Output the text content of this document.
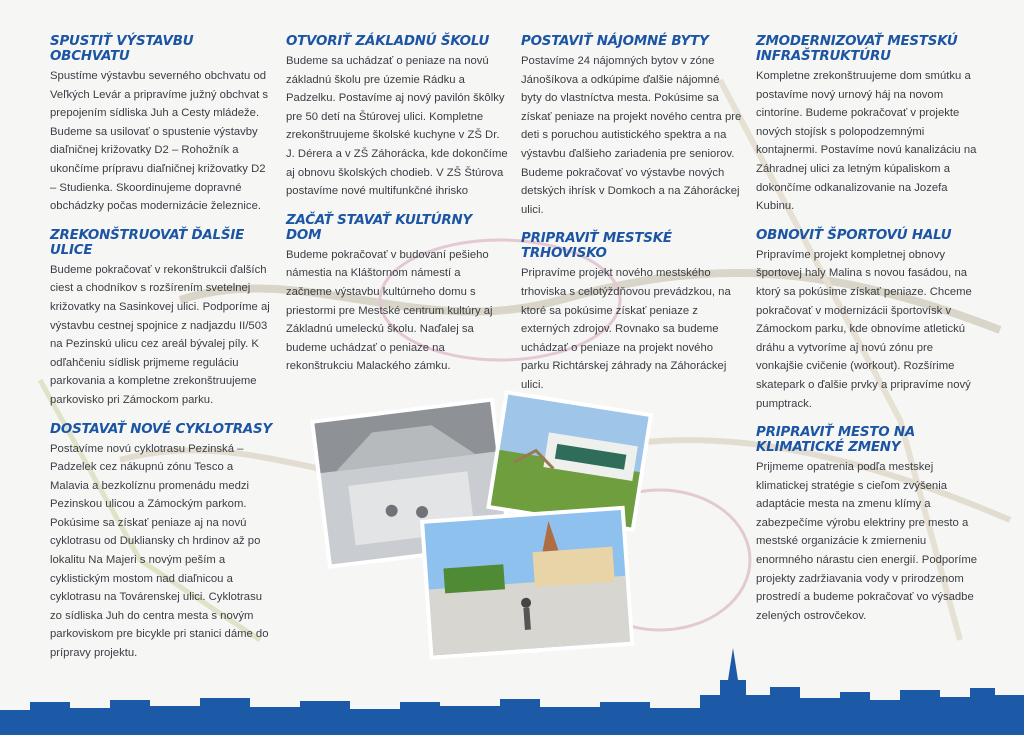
SPUSTIŤ VÝSTAVBU OBCHVATU

Spustíme výstavbu severného obchvatu od Veľkých Levár a pripravíme južný obchvat s prepojením sídliska Juh a Cesty mládeže. Budeme sa usilovať o spustenie výstavby diaľničnej križovatky D2 – Rohožník a ukončíme prípravu diaľničnej križovatky D2 – Studienka. Skoordinujeme dopravné obchádzky počas modernizácie železnice.

ZREKONŠTRUOVAŤ ĎALŠIE ULICE

Budeme pokračovať v rekonštrukcii ďalších ciest a chodníkov s rozšírením svetelnej križovatky na Sasinkovej ulici. Podporíme aj výstavbu cestnej spojnice z nadjazdu II/503 na Pezinskú ulicu cez areál bývalej píly. K odľahčeniu sídlisk prijmeme reguláciu parkovania a kompletne zrekonštruujeme parkovisko pri Zámockom parku.

DOSTAVAŤ NOVÉ CYKLOTRASY

Postavíme novú cyklotrasu Pezinská – Padzelek cez nákupnú zónu Tesco a Malavia a bezkolíznu promenádu medzi Pezinskou ulicou a Zámockým parkom. Pokúsime sa získať peniaze aj na novú cyklotrasu od Dukliansky ch hrdinov až po lokalitu Na Majeri s novým peším a cyklistickým mostom nad diaľnicou a cyklotrasu na Továrenskej ulici. Cyklotrasu zo sídliska Juh do centra mesta s novým parkoviskom pre bicykle pri stanici dáme do prípravy projektu.

OTVORIŤ ZÁKLADNÚ ŠKOLU

Budeme sa uchádzať o peniaze na novú základnú školu pre územie Rádku a Padzelku. Postavíme aj nový pavilón škôlky pre 50 detí na Štúrovej ulici. Kompletne zrekonštruujeme školské kuchyne v ZŠ Dr. J. Dérera a v ZŠ Záhorácka, kde dokončíme aj obnovu školských chodieb. V ZŠ Štúrova postavíme nové multifunkčné ihrisko

ZAČAŤ STAVAŤ KULTÚRNY DOM

Budeme pokračovať v budovaní pešieho námestia na Kláštornom námestí a začneme výstavbu kultúrneho domu s priestormi pre Mestské centrum kultúry aj Základnú umeleckú školu. Naďalej sa budeme uchádzať o peniaze na rekonštrukciu Malackého zámku.

POSTAVIŤ NÁJOMNÉ BYTY

Postavíme 24 nájomných bytov v zóne Jánošíkova a odkúpime ďalšie nájomné byty do vlastníctva mesta. Pokúsime sa získať peniaze na projekt nového centra pre deti s poruchou autistického spektra a na výstavbu ďalšieho zariadenia pre seniorov. Budeme pokračovať vo výstavbe nových detských ihrísk v Domkoch a na Záhoráckej ulici.

PRIPRAVIŤ MESTSKÉ TRHOVISKO

Pripravíme projekt nového mestského trhoviska s celotýždňovou prevádzkou, na ktoré sa pokúsime získať peniaze z externých zdrojov. Rovnako sa budeme uchádzať o peniaze na projekt nového parku Richtárskej záhrady na Záhoráckej ulici.

ZMODERNIZOVAŤ MESTSKÚ INFRAŠTRUKTÚRU

Kompletne zrekonštruujeme dom smútku a postavíme nový urnový háj na novom cintoríne. Budeme pokračovať v projekte nových stojísk s polopodzemnými kontajnermi. Postavíme novú kanalizáciu na Záhradnej ulici za letným kúpaliskom a dokončíme odkanalizovanie na Jozefa Kubinu.

OBNOVIŤ ŠPORTOVÚ HALU

Pripravíme projekt kompletnej obnovy športovej haly Malina s novou fasádou, na ktorý sa pokúsime získať peniaze. Chceme pokračovať v modernizácii športovísk v Zámockom parku, kde obnovíme atletickú dráhu a vytvoríme aj novú zónu pre vonkajšie cvičenie (workout). Rozšírime skatepark o ďalšie prvky a pripravíme nový pumptrack.

PRIPRAVIŤ MESTO NA KLIMATICKÉ ZMENY

Prijmeme opatrenia podľa mestskej klimatickej stratégie s cieľom zvýšenia adaptácie mesta na zmenu klímy a zabezpečíme výrobu elektriny pre mesto a mestské organizácie k zmierneniu enormného nárastu cien energií. Podporíme projekty zadržiavania vody v prirodzenom prostredí a budeme pokračovať vo výsadbe zelených ostrovčekov.
